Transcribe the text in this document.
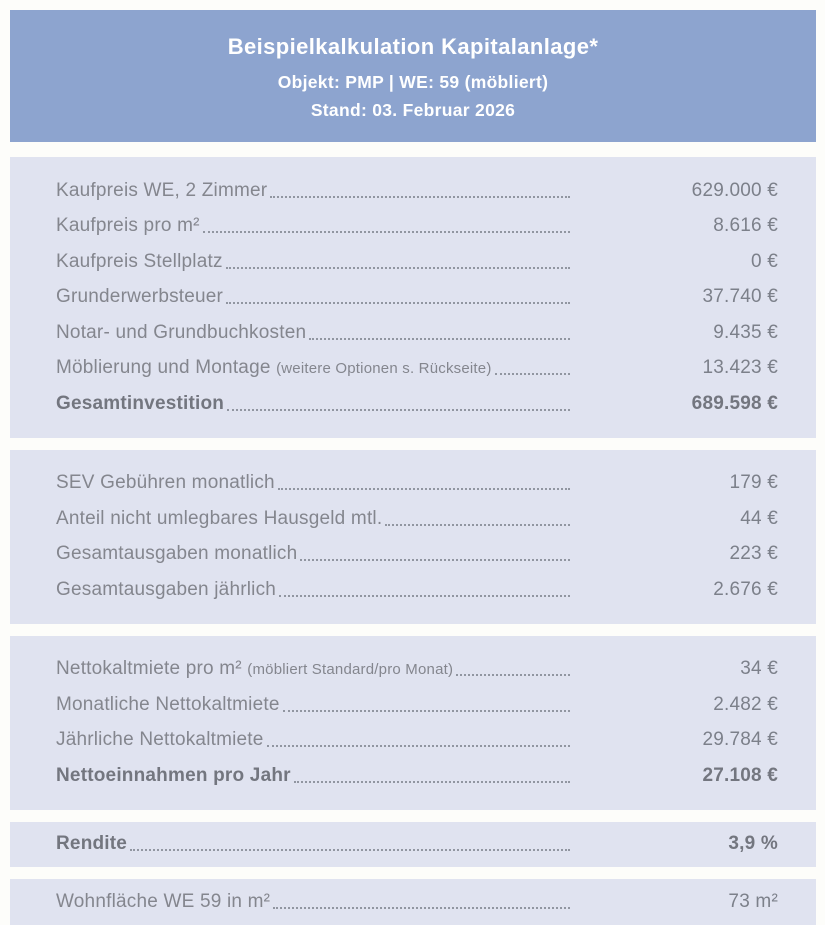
Beispielkalkulation Kapitalanlage*
Objekt: PMP | WE: 59 (möbliert)
Stand: 03. Februar 2026
Kaufpreis WE, 2 Zimmer	629.000 €
Kaufpreis pro m²	8.616 €
Kaufpreis Stellplatz	0 €
Grunderwerbsteuer	37.740 €
Notar- und Grundbuchkosten	9.435 €
Möblierung und Montage (weitere Optionen s. Rückseite)	13.423 €
Gesamtinvestition	689.598 €
SEV Gebühren monatlich	179 €
Anteil nicht umlegbares Hausgeld mtl.	44 €
Gesamtausgaben monatlich	223 €
Gesamtausgaben jährlich	2.676 €
Nettokaltmiete pro m² (möbliert Standard/pro Monat)	34 €
Monatliche Nettokaltmiete	2.482 €
Jährliche Nettokaltmiete	29.784 €
Nettoeinnahmen pro Jahr	27.108 €
Rendite	3,9 %
Wohnfläche WE 59 in m²	73 m²
